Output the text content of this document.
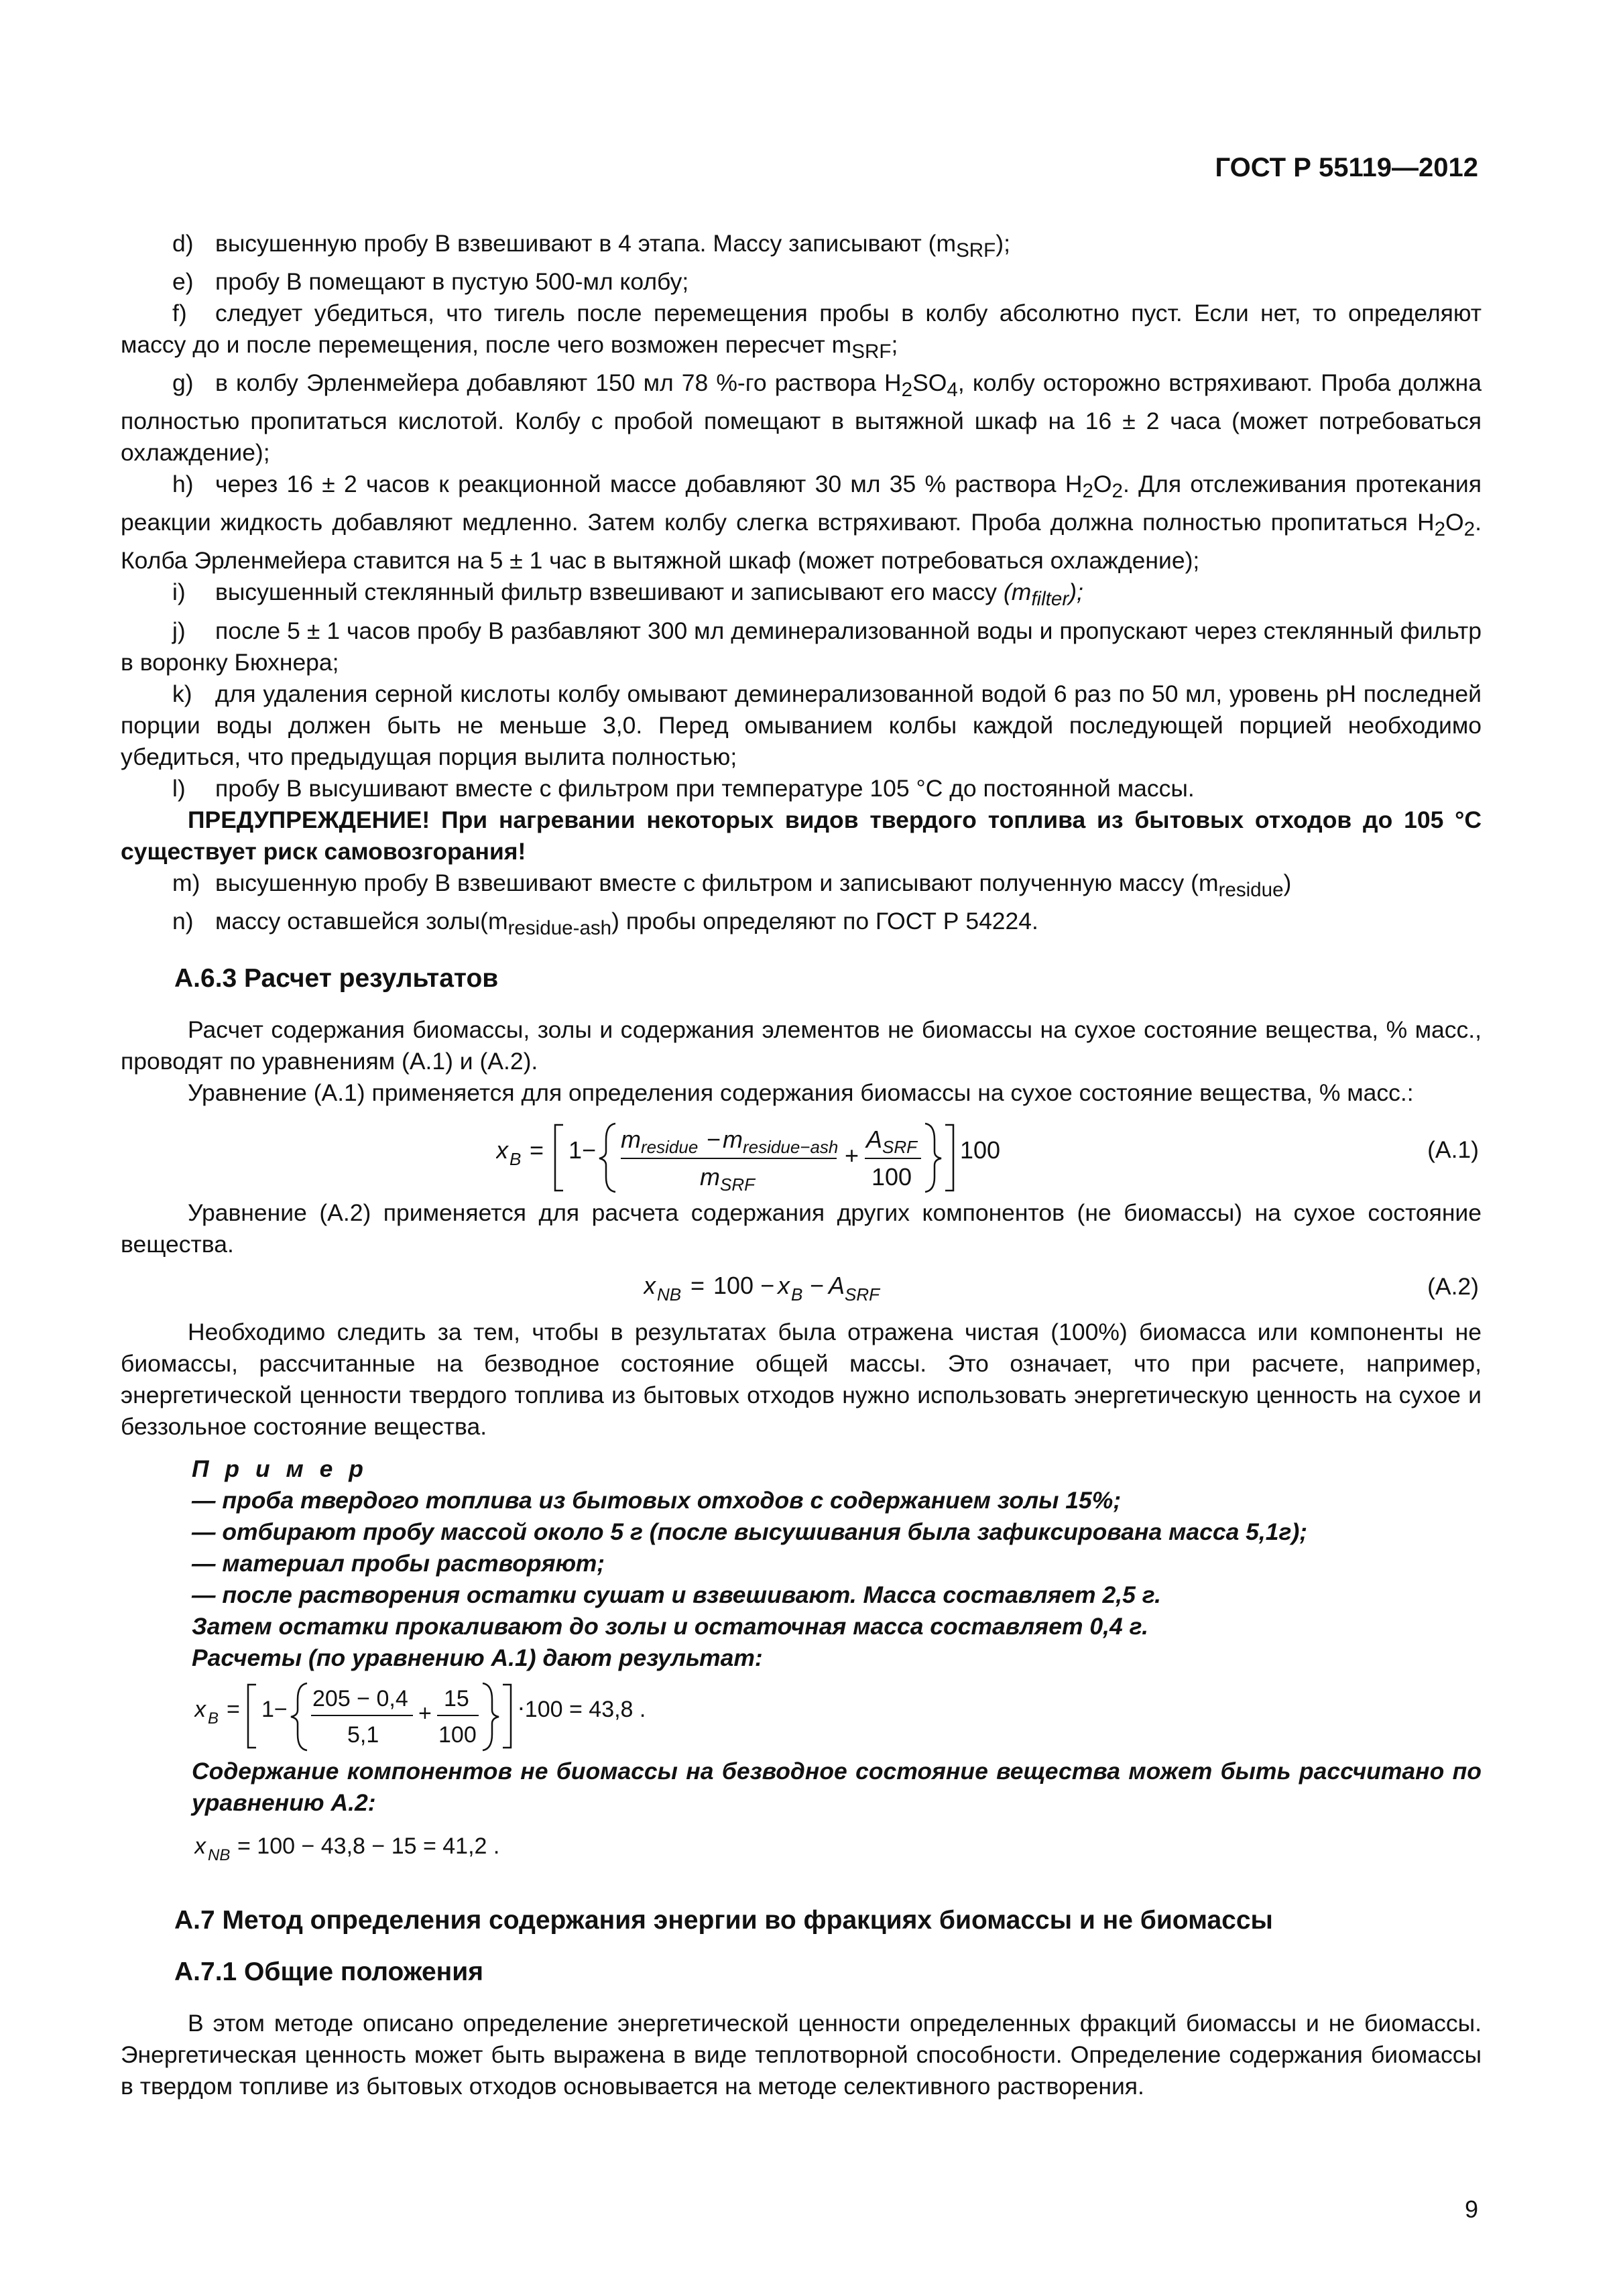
ГОСТ Р 55119—2012

d) высушенную пробу В взвешивают в 4 этапа. Массу записывают $(m_{SRF})$;

e) пробу В помещают в пустую 500-мл колбу;

f) следует убедиться, что тигель после перемещения пробы в колбу абсолютно пуст. Если нет, то определяют массу до и после перемещения, после чего возможен пересчет $m_{SRF}$;

g) в колбу Эрленмейера добавляют 150 мл 78 %-го раствора $H_2SO_4$, колбу осторожно встряхивают. Проба должна полностью пропитаться кислотой. Колбу с пробой помещают в вытяжной шкаф на 16 ± 2 часа (может потребоваться охлаждение);

h) через 16 ± 2 часов к реакционной массе добавляют 30 мл 35 % раствора $H_2O_2$. Для отслеживания протекания реакции жидкость добавляют медленно. Затем колбу слегка встряхивают. Проба должна полностью пропитаться $H_2O_2$. Колба Эрленмейера ставится на 5 ± 1 час в вытяжной шкаф (может потребоваться охлаждение);

i) высушенный стеклянный фильтр взвешивают и записывают его массу $(m_{filter})$;

j) после 5 ± 1 часов пробу В разбавляют 300 мл деминерализованной воды и пропускают через стеклянный фильтр в воронку Бюхнера;

k) для удаления серной кислоты колбу омывают деминерализованной водой 6 раз по 50 мл, уровень pH последней порции воды должен быть не меньше 3,0. Перед омыванием колбы каждой последующей порцией необходимо убедиться, что предыдущая порция вылита полностью;

l) пробу В высушивают вместе с фильтром при температуре 105 °C до постоянной массы.

ПРЕДУПРЕЖДЕНИЕ! При нагревании некоторых видов твердого топлива из бытовых отходов до 105 °C существует риск самовозгорания!

m) высушенную пробу В взвешивают вместе с фильтром и записывают полученную массу $(m_{residue})$

n) массу оставшейся $золы(m_{residue-ash})$ пробы определяют по ГОСТ Р 54224.

А.6.3 Расчет результатов

Расчет содержания биомассы, золы и содержания элементов не биомассы на сухое состояние вещества, % масс., проводят по уравнениям (А.1) и (А.2).

Уравнение (А.1) применяется для определения содержания биомассы на сухое состояние вещества, % масс.:

x B = 1− m residue − m residue−ash
m SRF
+
A SRF
100
100	(А.1)

Уравнение (А.2) применяется для расчета содержания других компонентов (не биомассы) на сухое состояние вещества.

x NB = 100 − x B − A SRF	(А.2)

Необходимо следить за тем, чтобы в результатах была отражена чистая (100%) биомасса или компоненты не биомассы, рассчитанные на безводное состояние общей массы. Это означает, что при расчете, например, энергетической ценности твердого топлива из бытовых отходов нужно использовать энергетическую ценность на сухое и беззольное состояние вещества.

П р и м е р

— проба твердого топлива из бытовых отходов с содержанием золы 15%;

— отбирают пробу массой около 5 г (после высушивания была зафиксирована масса 5,1г);

— материал пробы растворяют;

— после растворения остатки сушат и взвешивают. Масса составляет 2,5 г.

Затем остатки прокаливают до золы и остаточная масса составляет 0,4 г.

Расчеты (по уравнению А.1) дают результат:

x B = 1− 205 − 0,4
5,1
+
15
100
⋅100 = 43,8 .

Содержание компонентов не биомассы на безводное состояние вещества может быть рассчитано по уравнению А.2:

x NB = 100 − 43,8 − 15 = 41,2 .

А.7 Метод определения содержания энергии во фракциях биомассы и не биомассы

А.7.1 Общие положения

В этом методе описано определение энергетической ценности определенных фракций биомассы и не биомассы. Энергетическая ценность может быть выражена в виде теплотворной способности. Определение содержания биомассы в твердом топливе из бытовых отходов основывается на методе селективного растворения.

9
